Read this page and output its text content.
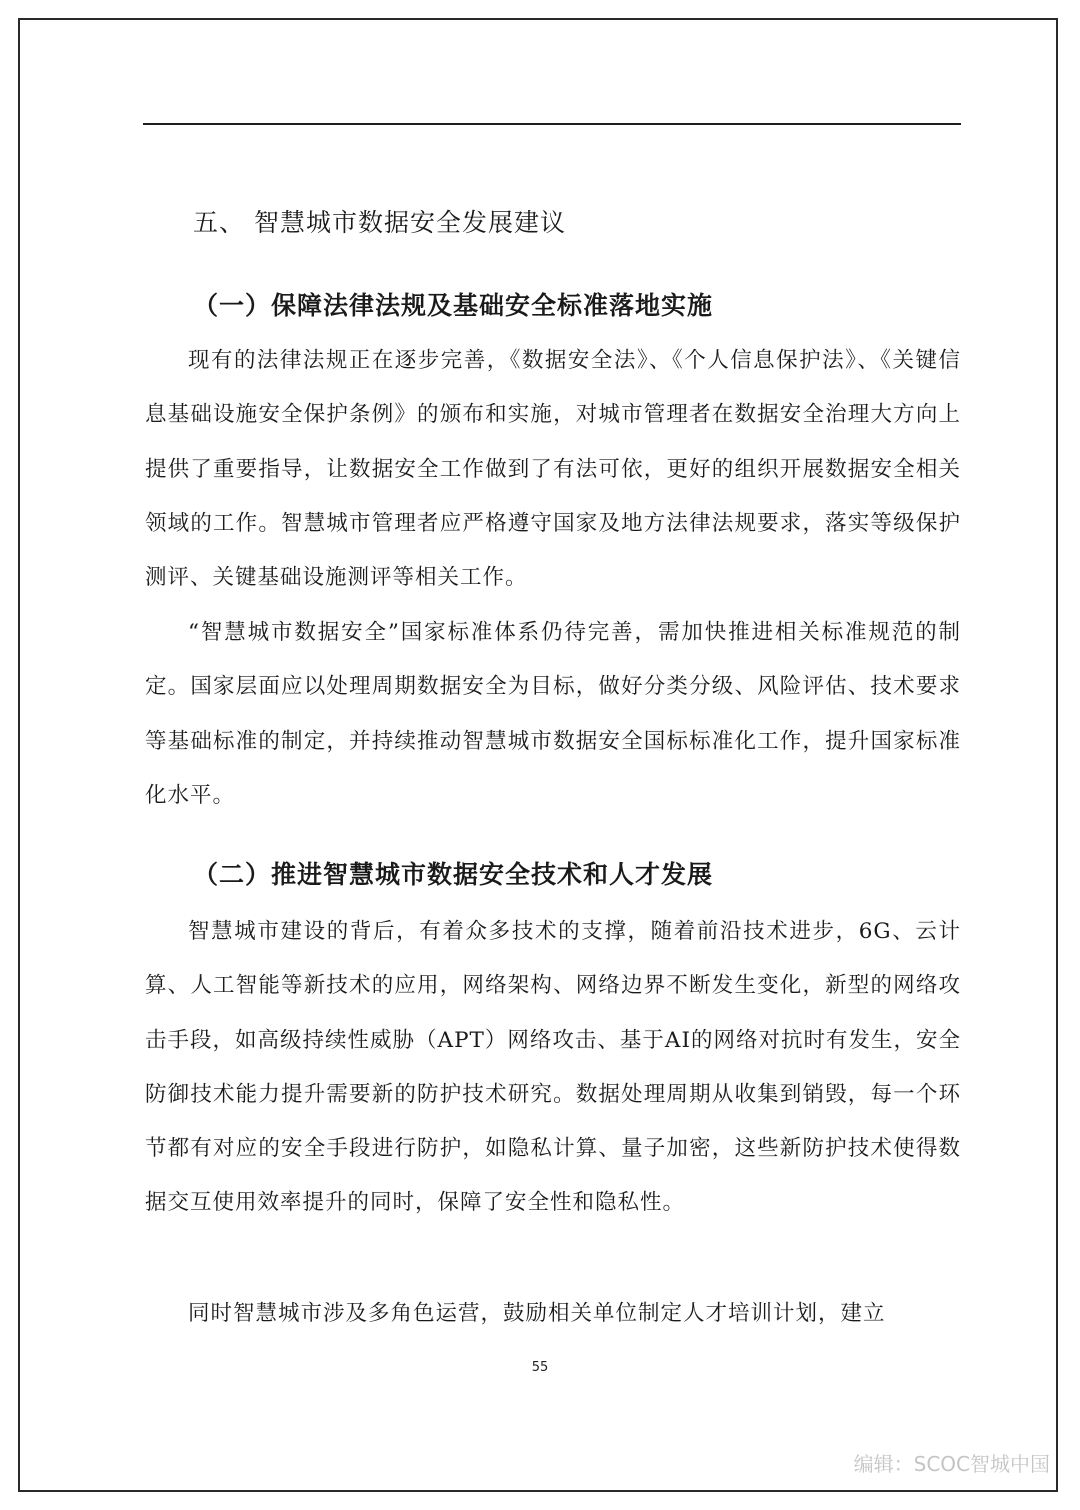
五、 智慧城市数据安全发展建议
（一）保障法律法规及基础安全标准落地实施

现有的法律法规正在逐步完善，《数据安全法》、《个人信息保护法》、《关键信息基础设施安全保护条例》的颁布和实施，对城市管理者在数据安全治理大方向上提供了重要指导，让数据安全工作做到了有法可依，更好的组织开展数据安全相关领域的工作。智慧城市管理者应严格遵守国家及地方法律法规要求，落实等级保护测评、关键基础设施测评等相关工作。

“智慧城市数据安全”国家标准体系仍待完善，需加快推进相关标准规范的制定。国家层面应以处理周期数据安全为目标，做好分类分级、风险评估、技术要求等基础标准的制定，并持续推动智慧城市数据安全国标标准化工作，提升国家标准化水平。

（二）推进智慧城市数据安全技术和人才发展

智慧城市建设的背后，有着众多技术的支撑，随着前沿技术进步，6G、云计算、人工智能等新技术的应用，网络架构、网络边界不断发生变化，新型的网络攻击手段，如高级持续性威胁（APT）网络攻击、基于AI的网络对抗时有发生，安全防御技术能力提升需要新的防护技术研究。数据处理周期从收集到销毁，每一个环节都有对应的安全手段进行防护，如隐私计算、量子加密，这些新防护技术使得数据交互使用效率提升的同时，保障了安全性和隐私性。

同时智慧城市涉及多角色运营，鼓励相关单位制定人才培训计划，建立

55
编辑：SCOC智城中国
